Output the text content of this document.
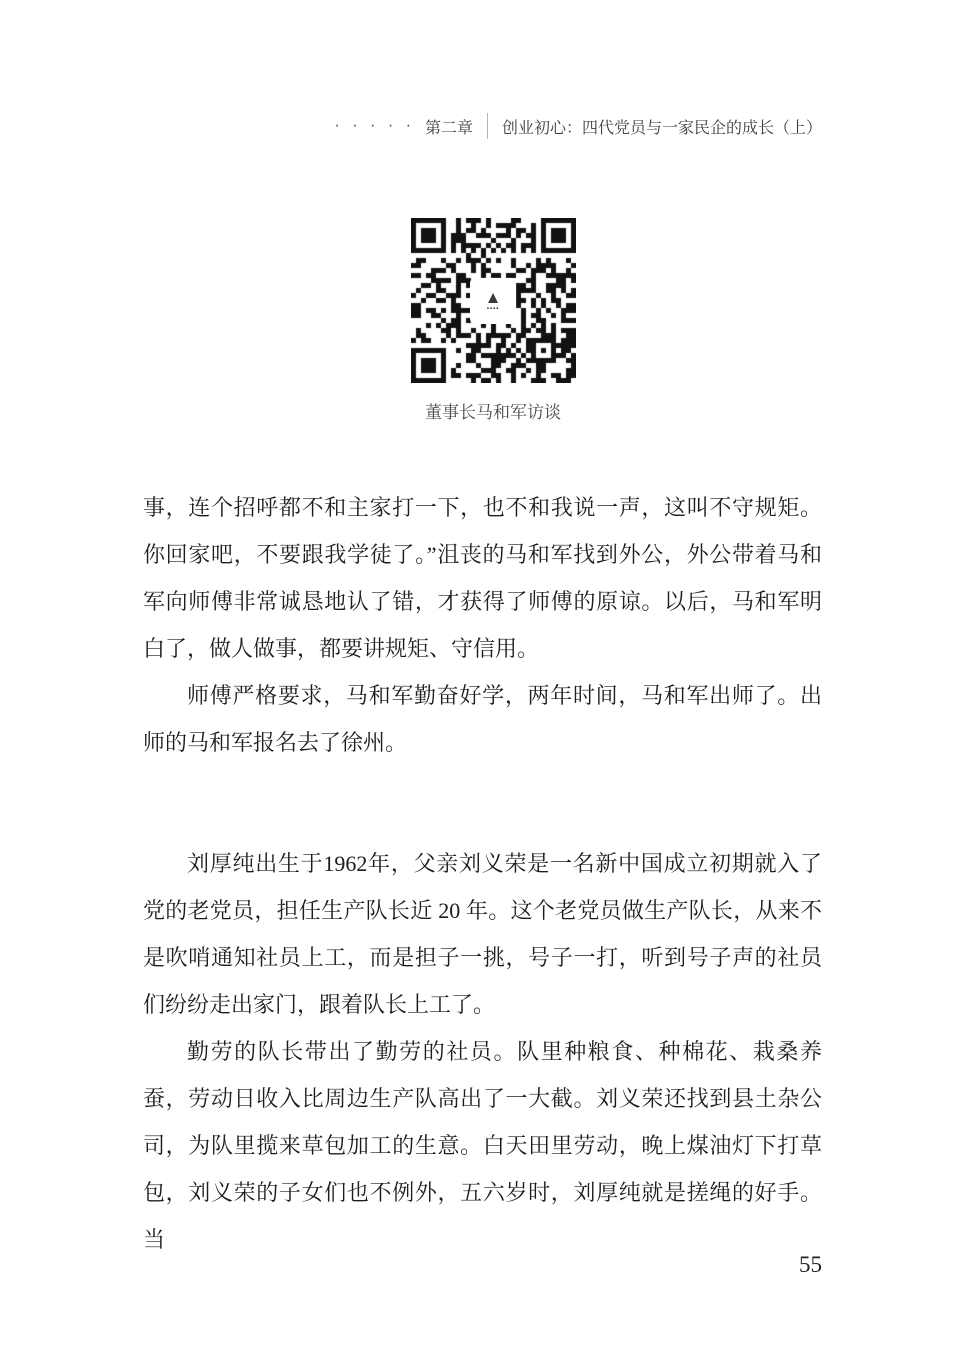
· · · · · 第二章 创业初心：四代党员与一家民企的成长（上）
▲
▪▪▪▪
董事长马和军访谈

事，连个招呼都不和主家打一下，也不和我说一声，这叫不守规矩。你回家吧，不要跟我学徒了。”沮丧的马和军找到外公，外公带着马和军向师傅非常诚恳地认了错，才获得了师傅的原谅。以后，马和军明白了，做人做事，都要讲规矩、守信用。

师傅严格要求，马和军勤奋好学，两年时间，马和军出师了。出师的马和军报名去了徐州。

刘厚纯出生于1962年，父亲刘义荣是一名新中国成立初期就入了党的老党员，担任生产队长近 20 年。这个老党员做生产队长，从来不是吹哨通知社员上工，而是担子一挑，号子一打，听到号子声的社员们纷纷走出家门，跟着队长上工了。

勤劳的队长带出了勤劳的社员。队里种粮食、种棉花、栽桑养蚕，劳动日收入比周边生产队高出了一大截。刘义荣还找到县土杂公司，为队里揽来草包加工的生意。白天田里劳动，晚上煤油灯下打草包，刘义荣的子女们也不例外，五六岁时，刘厚纯就是搓绳的好手。当

55
